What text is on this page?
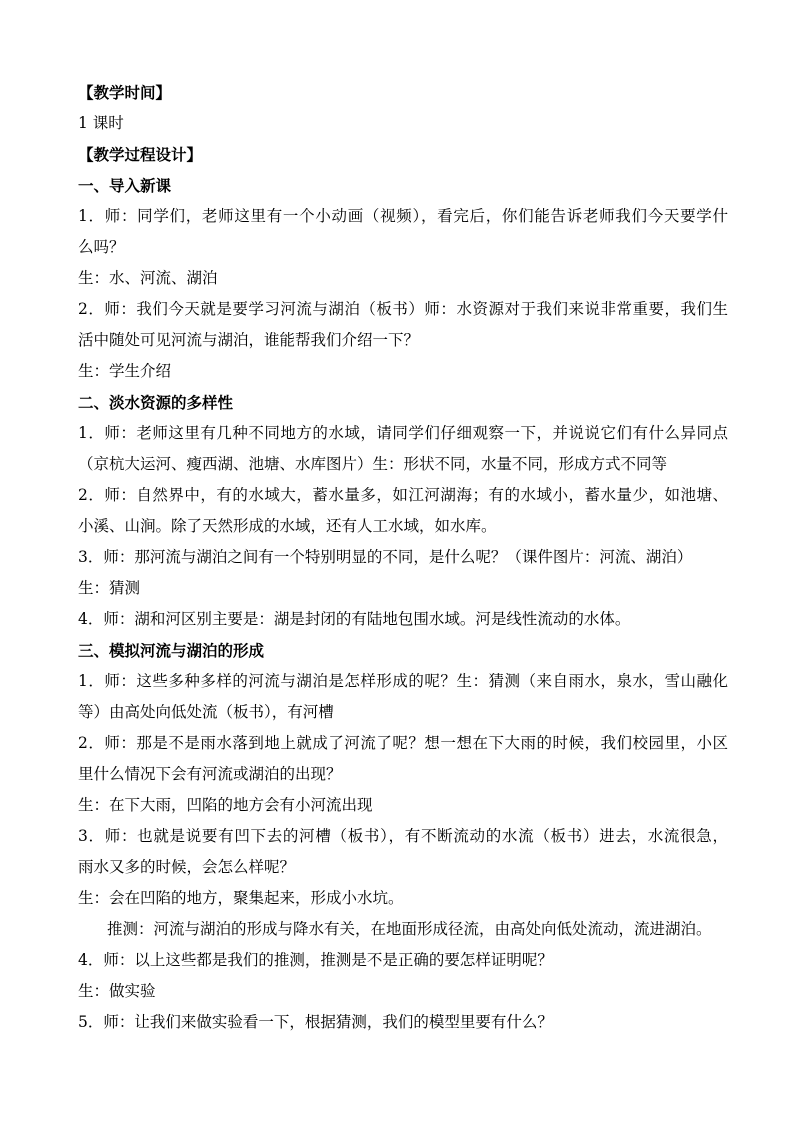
【教学时间】
1 课时
【教学过程设计】
一、导入新课
1．师：同学们，老师这里有一个小动画（视频），看完后，你们能告诉老师我们今天要学什
么吗？
生：水、河流、湖泊
2．师：我们今天就是要学习河流与湖泊（板书）师：水资源对于我们来说非常重要，我们生
活中随处可见河流与湖泊，谁能帮我们介绍一下？
生：学生介绍
二、淡水资源的多样性
1．师：老师这里有几种不同地方的水域，请同学们仔细观察一下，并说说它们有什么异同点
（京杭大运河、瘦西湖、池塘、水库图片）生：形状不同，水量不同，形成方式不同等
2．师：自然界中，有的水域大，蓄水量多，如江河湖海；有的水域小，蓄水量少，如池塘、
小溪、山涧。除了天然形成的水域，还有人工水域，如水库。
3．师：那河流与湖泊之间有一个特别明显的不同，是什么呢？（课件图片：河流、湖泊）
生：猜测
4．师：湖和河区别主要是：湖是封闭的有陆地包围水域。河是线性流动的水体。
三、模拟河流与湖泊的形成
1．师：这些多种多样的河流与湖泊是怎样形成的呢？生：猜测（来自雨水，泉水，雪山融化
等）由高处向低处流（板书），有河槽
2．师：那是不是雨水落到地上就成了河流了呢？想一想在下大雨的时候，我们校园里，小区
里什么情况下会有河流或湖泊的出现？
生：在下大雨，凹陷的地方会有小河流出现
3．师：也就是说要有凹下去的河槽（板书），有不断流动的水流（板书）进去，水流很急，
雨水又多的时候，会怎么样呢？
生：会在凹陷的地方，聚集起来，形成小水坑。
推测：河流与湖泊的形成与降水有关，在地面形成径流，由高处向低处流动，流进湖泊。
4．师：以上这些都是我们的推测，推测是不是正确的要怎样证明呢？
生：做实验
5．师：让我们来做实验看一下，根据猜测，我们的模型里要有什么？
